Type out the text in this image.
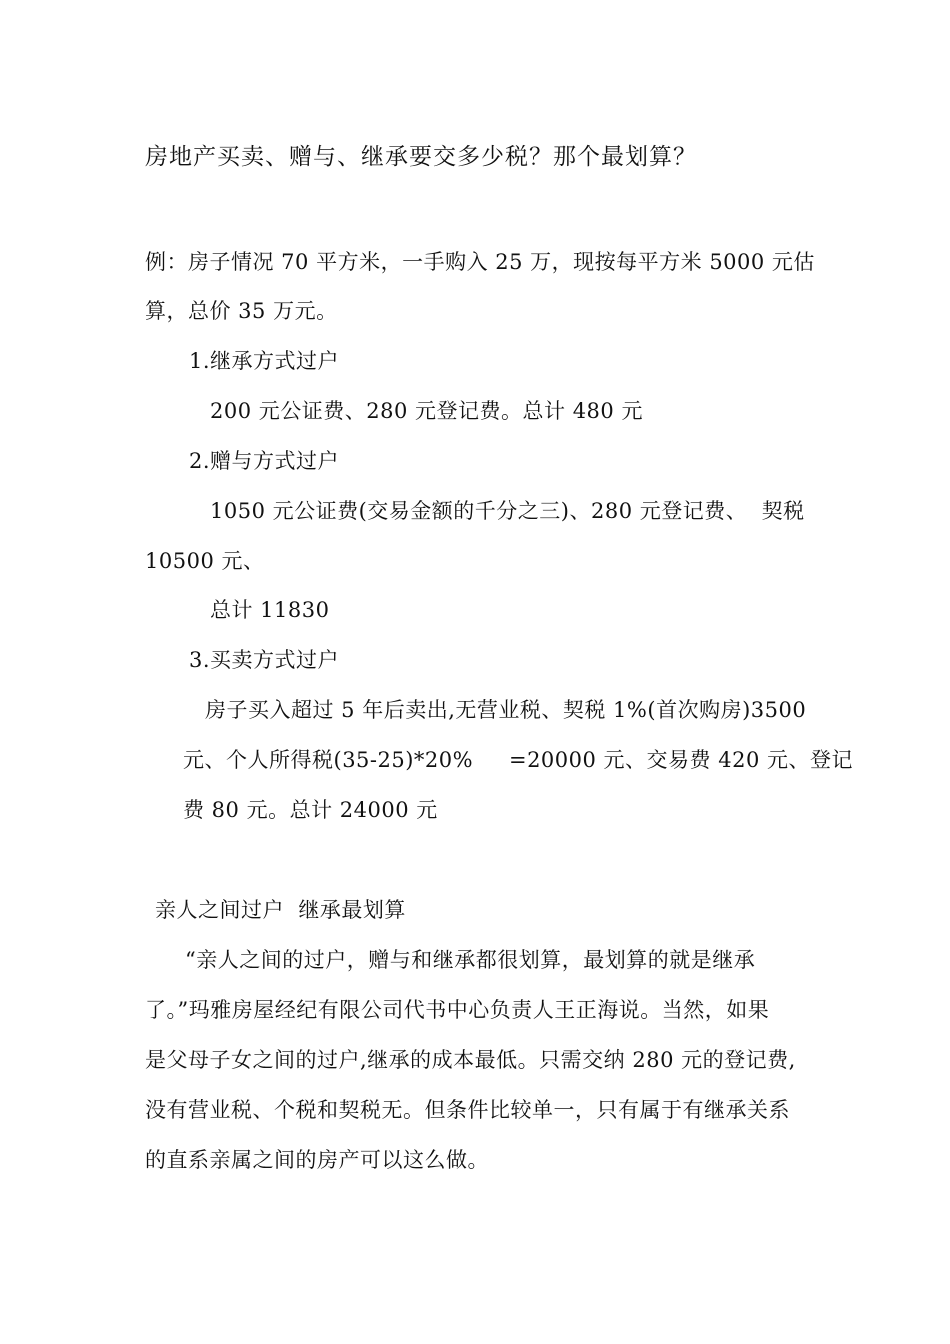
房地产买卖、赠与、继承要交多少税？那个最划算？
例：房子情况 70 平方米，一手购入 25 万，现按每平方米 5000 元估
算，总价 35 万元。
1.继承方式过户
200 元公证费、280 元登记费。总计 480 元
2.赠与方式过户
1050 元公证费(交易金额的千分之三)、280 元登记费、  契税
10500 元、
总计 11830
3.买卖方式过户
房子买入超过 5 年后卖出,无营业税、契税 1%(首次购房)3500
元、个人所得税(35-25)*20%     =20000 元、交易费 420 元、登记
费 80 元。总计 24000 元
亲人之间过户  继承最划算
“亲人之间的过户，赠与和继承都很划算，最划算的就是继承
了。”玛雅房屋经纪有限公司代书中心负责人王正海说。当然，如果
是父母子女之间的过户,继承的成本最低。只需交纳 280 元的登记费,
没有营业税、个税和契税无。但条件比较单一，只有属于有继承关系
的直系亲属之间的房产可以这么做。
